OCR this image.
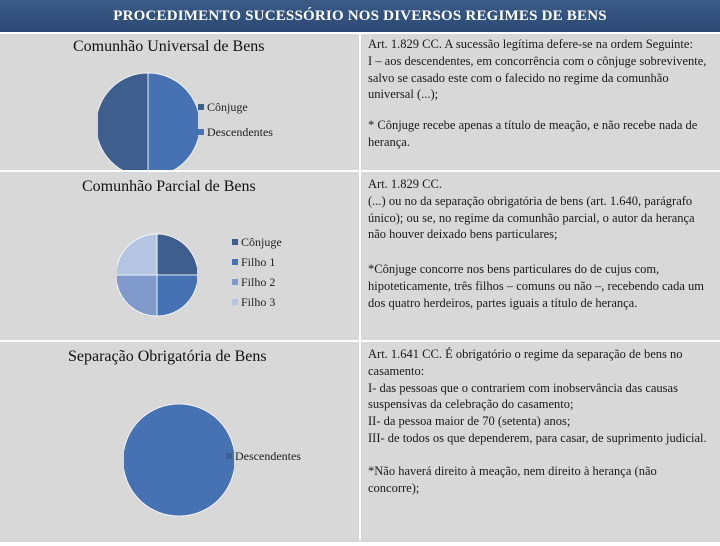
PROCEDIMENTO SUCESSÓRIO NOS DIVERSOS REGIMES DE BENS
Comunhão Universal de Bens
Cônjuge
Descendentes

Art. 1.829 CC. A sucessão legítima defere-se na ordem Seguinte:

I – aos descendentes, em concorrência com o cônjuge sobrevivente, salvo se casado este com o falecido no regime da comunhão universal (...);

* Cônjuge recebe apenas a título de meação, e não recebe nada de herança.

Comunhão Parcial de Bens
Cônjuge
Filho 1
Filho 2
Filho 3

Art. 1.829 CC.

(...) ou no da separação obrigatória de bens (art. 1.640, parágrafo único); ou se, no regime da comunhão parcial, o autor da herança não houver deixado bens particulares;

*Cônjuge concorre nos bens particulares do de cujus com, hipoteticamente, três filhos – comuns ou não –, recebendo cada um dos quatro herdeiros, partes iguais a título de herança.

Separação Obrigatória de Bens
Descendentes

Art. 1.641 CC. É obrigatório o regime da separação de bens no casamento:

I- das pessoas que o contrariem com inobservância das causas suspensivas da celebração do casamento;

II- da pessoa maior de 70 (setenta) anos;

III- de todos os que dependerem, para casar, de suprimento judicial.

*Não haverá direito à meação, nem direito à herança (não concorre);
